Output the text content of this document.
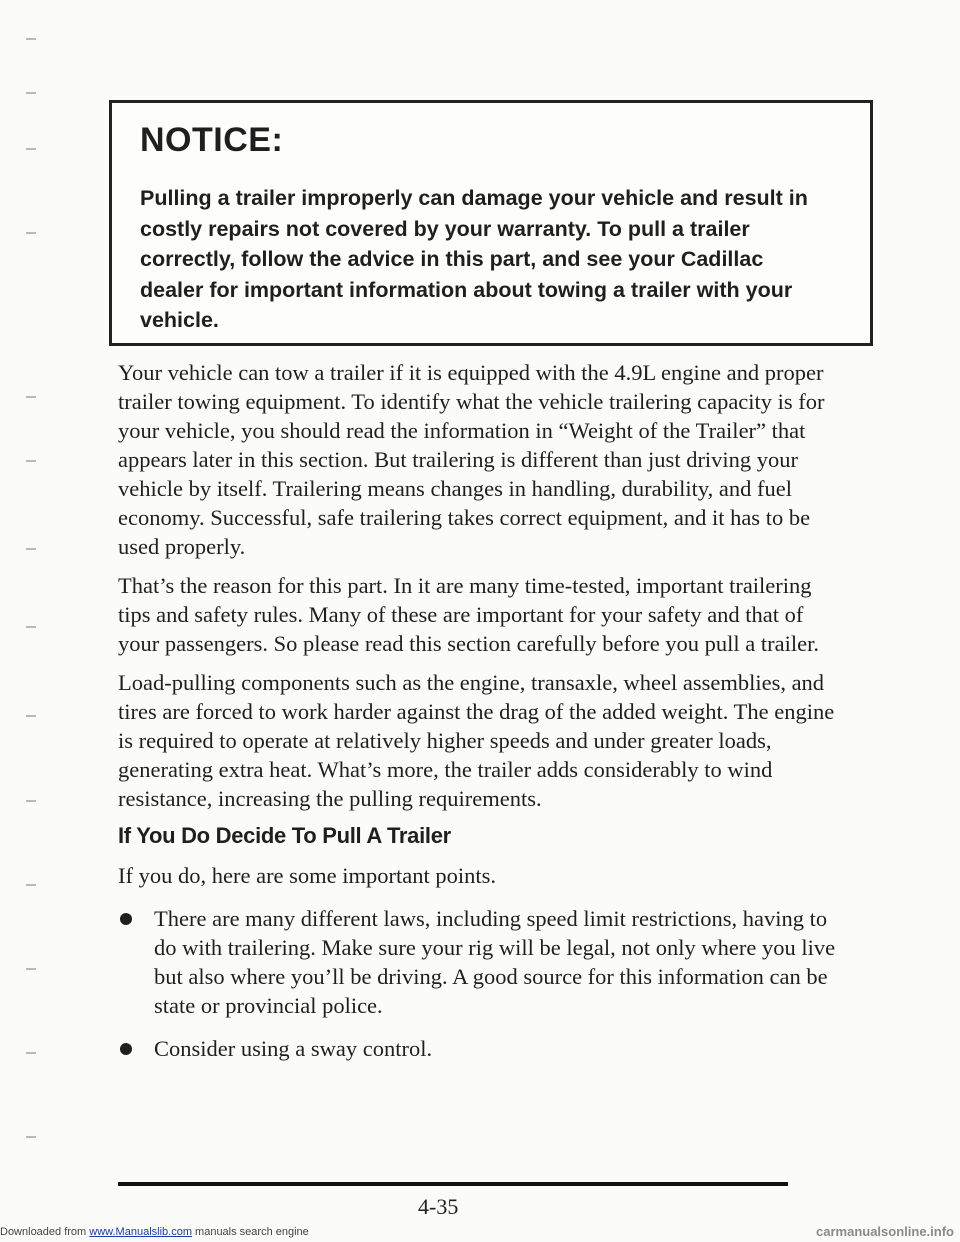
NOTICE:
Pulling a trailer improperly can damage your vehicle and result in costly repairs not covered by your warranty. To pull a trailer correctly, follow the advice in this part, and see your Cadillac dealer for important information about towing a trailer with your vehicle.

Your vehicle can tow a trailer if it is equipped with the 4.9L engine and proper trailer towing equipment. To identify what the vehicle trailering capacity is for your vehicle, you should read the information in “Weight of the Trailer” that appears later in this section. But trailering is different than just driving your vehicle by itself. Trailering means changes in handling, durability, and fuel economy. Successful, safe trailering takes correct equipment, and it has to be used properly.

That’s the reason for this part. In it are many time-tested, important trailering tips and safety rules. Many of these are important for your safety and that of your passengers. So please read this section carefully before you pull a trailer.

Load-pulling components such as the engine, transaxle, wheel assemblies, and tires are forced to work harder against the drag of the added weight. The engine is required to operate at relatively higher speeds and under greater loads, generating extra heat. What’s more, the trailer adds considerably to wind resistance, increasing the pulling requirements.

If You Do Decide To Pull A Trailer

If you do, here are some important points.

There are many different laws, including speed limit restrictions, having to do with trailering. Make sure your rig will be legal, not only where you live but also where you’ll be driving. A good source for this information can be state or provincial police.
Consider using a sway control.
4-35
Downloaded from www.Manualslib.com manuals search engine	carmanualsonline.info
